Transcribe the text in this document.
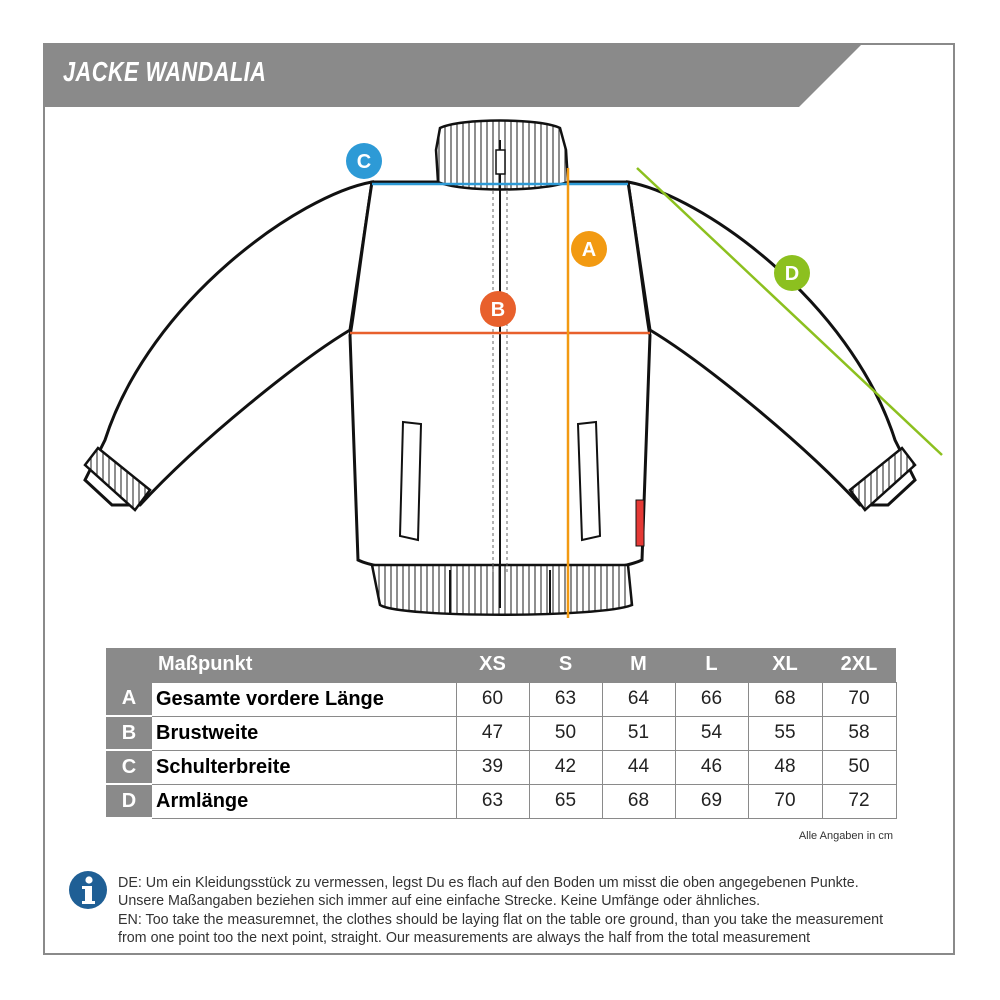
JACKE WANDALIA
C
A
B
D
	Maßpunkt	XS	S	M	L	XL	2XL
A	Gesamte vordere Länge	60	63	64	66	68	70
B	Brustweite	47	50	51	54	55	58
C	Schulterbreite	39	42	44	46	48	50
D	Armlänge	63	65	68	69	70	72
Alle Angaben in cm
DE: Um ein Kleidungsstück zu vermessen, legst Du es flach auf den Boden um misst die oben angegebenen Punkte.
Unsere Maßangaben beziehen sich immer auf eine einfache Strecke. Keine Umfänge oder ähnliches.
EN: Too take the measuremnet, the clothes should be laying flat on the table ore ground, than you take the measurement
from one point too the next point, straight. Our measurements are always the half from the total measurement
